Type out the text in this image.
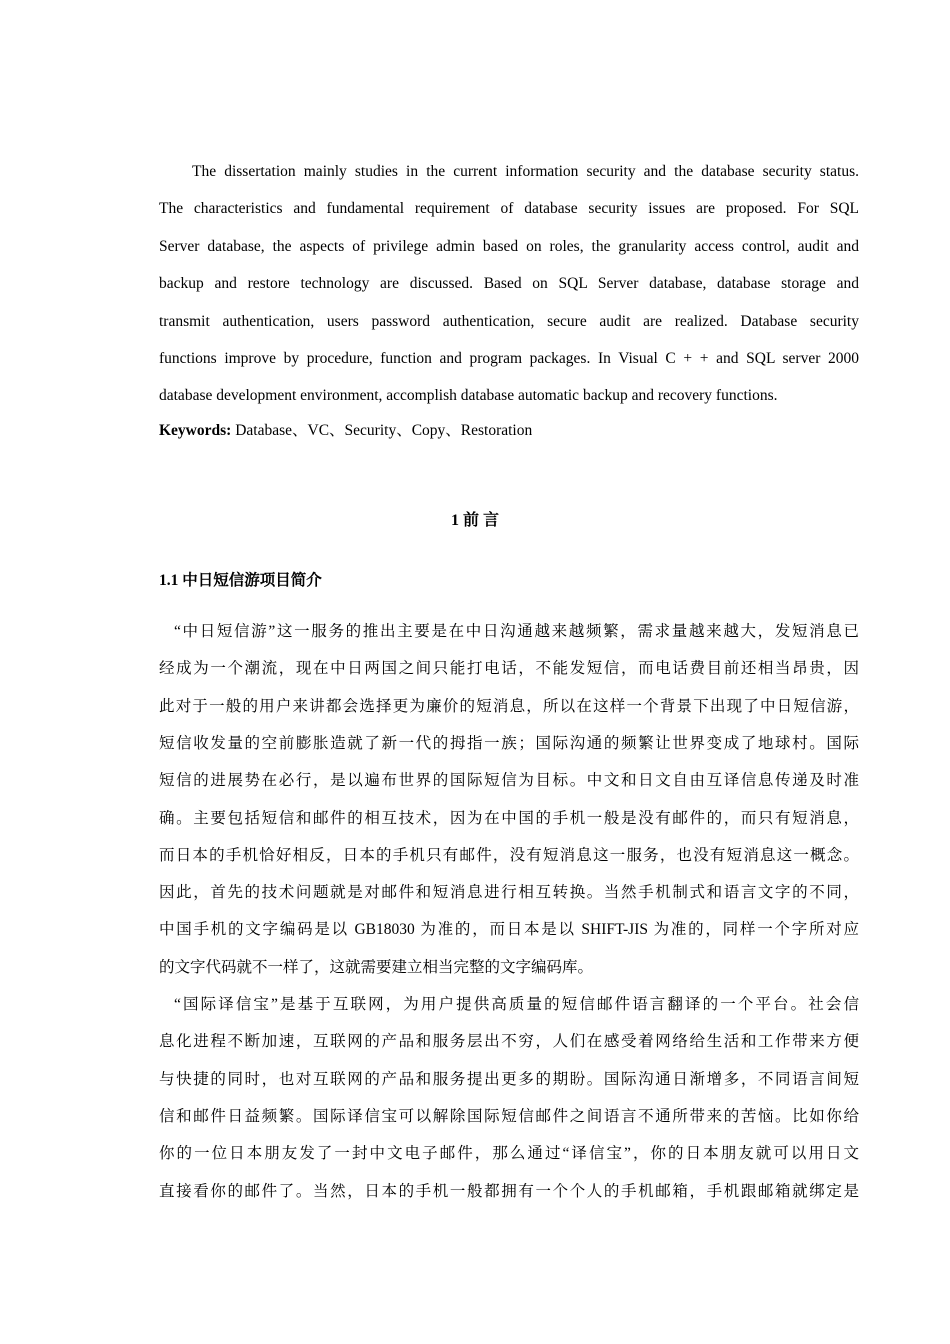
The dissertation mainly studies in the current information security and the database security status.
The characteristics and fundamental requirement of database security issues are proposed. For SQL
Server database, the aspects of privilege admin based on roles, the granularity access control, audit and
backup and restore technology are discussed. Based on SQL Server database, database storage and
transmit authentication, users password authentication, secure audit are realized. Database security
functions improve by procedure, function and program packages. In Visual C + + and SQL server 2000
database development environment, accomplish database automatic backup and recovery functions.
Keywords: Database、VC、Security、Copy、Restoration
1 前 言
1.1 中日短信游项目简介
“中日短信游”这一服务的推出主要是在中日沟通越来越频繁，需求量越来越大，发短消息已
经成为一个潮流，现在中日两国之间只能打电话，不能发短信，而电话费目前还相当昂贵，因
此对于一般的用户来讲都会选择更为廉价的短消息，所以在这样一个背景下出现了中日短信游，
短信收发量的空前膨胀造就了新一代的拇指一族；国际沟通的频繁让世界变成了地球村。国际
短信的进展势在必行，是以遍布世界的国际短信为目标。中文和日文自由互译信息传递及时准
确。主要包括短信和邮件的相互技术，因为在中国的手机一般是没有邮件的，而只有短消息，
而日本的手机恰好相反，日本的手机只有邮件，没有短消息这一服务，也没有短消息这一概念。
因此，首先的技术问题就是对邮件和短消息进行相互转换。当然手机制式和语言文字的不同，
中国手机的文字编码是以 GB18030 为准的，而日本是以 SHIFT-JIS 为准的，同样一个字所对应
的文字代码就不一样了，这就需要建立相当完整的文字编码库。
“国际译信宝”是基于互联网，为用户提供高质量的短信邮件语言翻译的一个平台。社会信
息化进程不断加速，互联网的产品和服务层出不穷，人们在感受着网络给生活和工作带来方便
与快捷的同时，也对互联网的产品和服务提出更多的期盼。国际沟通日渐增多，不同语言间短
信和邮件日益频繁。国际译信宝可以解除国际短信邮件之间语言不通所带来的苦恼。比如你给
你的一位日本朋友发了一封中文电子邮件，那么通过“译信宝”，你的日本朋友就可以用日文
直接看你的邮件了。当然，日本的手机一般都拥有一个个人的手机邮箱，手机跟邮箱就绑定是
